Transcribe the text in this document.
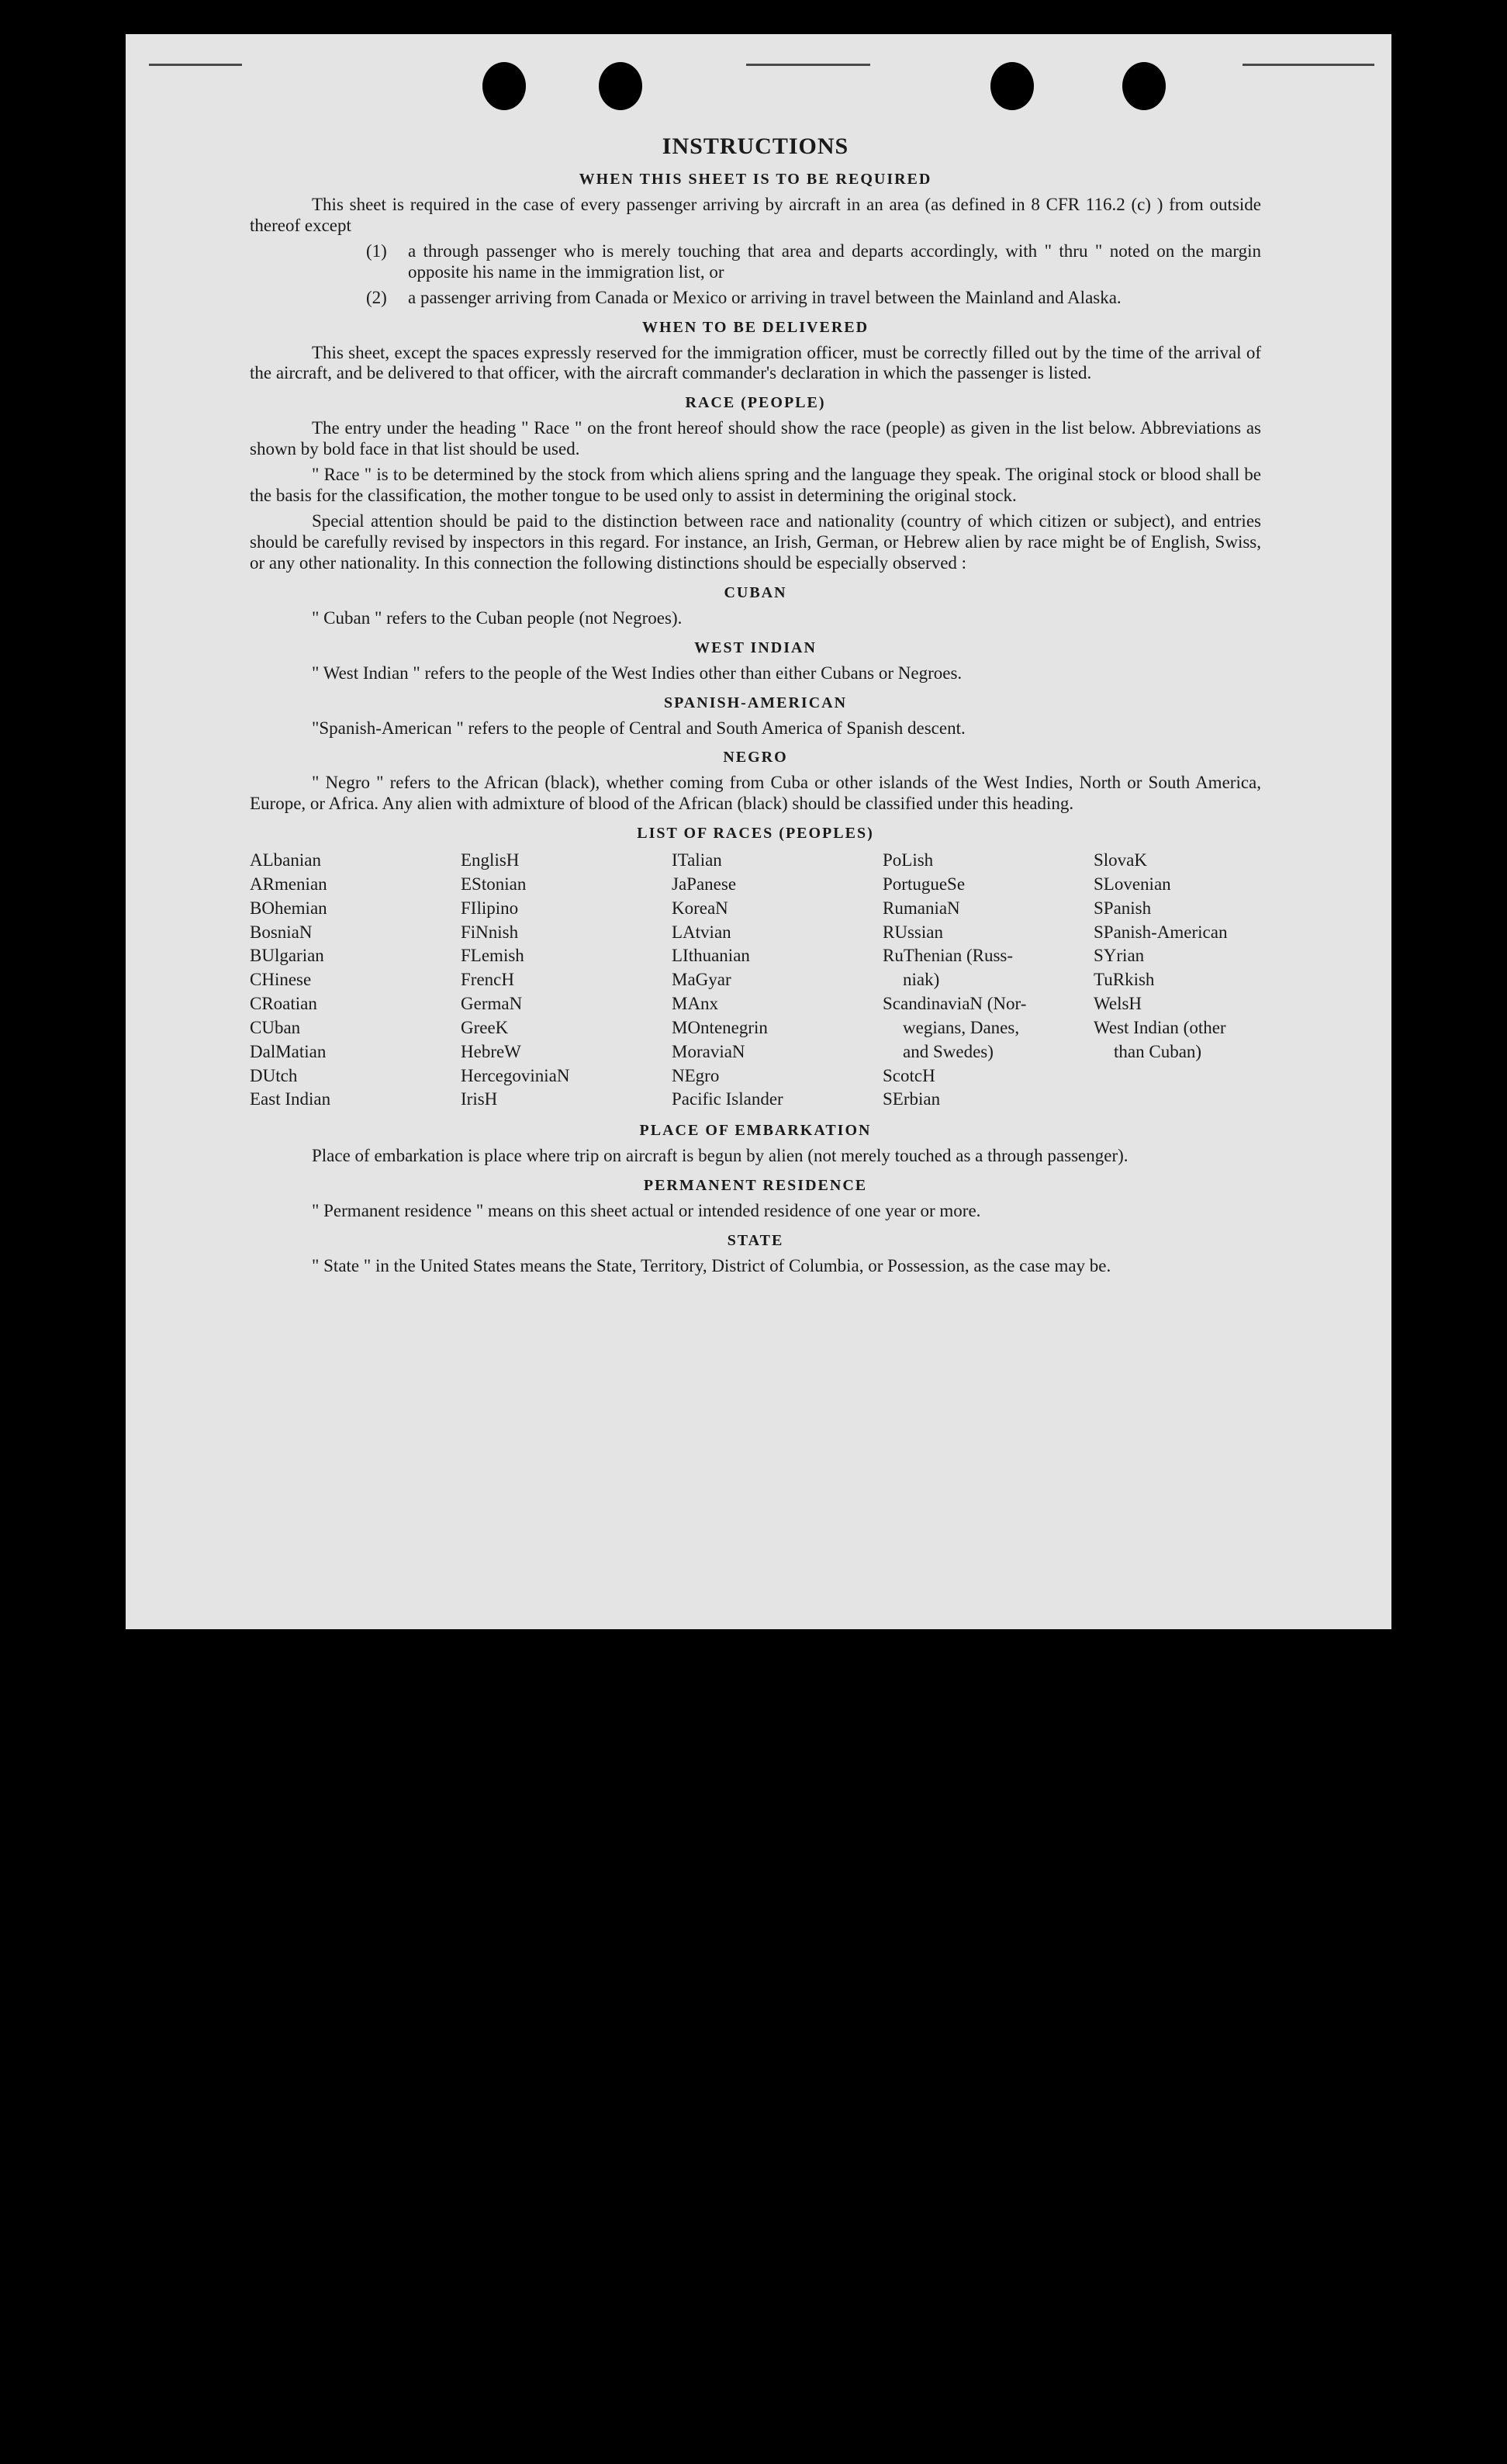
INSTRUCTIONS
WHEN THIS SHEET IS TO BE REQUIRED

This sheet is required in the case of every passenger arriving by aircraft in an area (as defined in 8 CFR 116.2 (c) ) from outside thereof except

(1)	a through passenger who is merely touching that area and departs accordingly, with " thru " noted on the margin opposite his name in the immigration list, or
(2)	a passenger arriving from Canada or Mexico or arriving in travel between the Mainland and Alaska.
WHEN TO BE DELIVERED

This sheet, except the spaces expressly reserved for the immigration officer, must be correctly filled out by the time of the arrival of the aircraft, and be delivered to that officer, with the aircraft commander's declaration in which the passenger is listed.

RACE (PEOPLE)

The entry under the heading " Race " on the front hereof should show the race (people) as given in the list below. Abbreviations as shown by bold face in that list should be used.

" Race " is to be determined by the stock from which aliens spring and the language they speak. The original stock or blood shall be the basis for the classification, the mother tongue to be used only to assist in determining the original stock.

Special attention should be paid to the distinction between race and nationality (country of which citizen or subject), and entries should be carefully revised by inspectors in this regard. For instance, an Irish, German, or Hebrew alien by race might be of English, Swiss, or any other nationality. In this connection the following distinctions should be especially observed :

CUBAN

" Cuban " refers to the Cuban people (not Negroes).

WEST INDIAN

" West Indian " refers to the people of the West Indies other than either Cubans or Negroes.

SPANISH-AMERICAN

"Spanish-American " refers to the people of Central and South America of Spanish descent.

NEGRO

" Negro " refers to the African (black), whether coming from Cuba or other islands of the West Indies, North or South America, Europe, or Africa. Any alien with admixture of blood of the African (black) should be classified under this heading.

LIST OF RACES (PEOPLES)
ALbanian
ARmenian
BOhemian
BosniaN
BUlgarian
CHinese
CRoatian
CUban
DalMatian
DUtch
East Indian
EnglisH
EStonian
FIlipino
FiNnish
FLemish
FrencH
GermaN
GreeK
HebreW
HercegoviniaN
IrisH
ITalian
JaPanese
KoreaN
LAtvian
LIthuanian
MaGyar
MAnx
MOntenegrin
MoraviaN
NEgro
Pacific Islander
PoLish
PortugueSe
RumaniaN
RUssian
RuThenian (Russ-
niak)
ScandinaviaN (Nor-
wegians, Danes,
and Swedes)
ScotcH
SErbian
SlovaK
SLovenian
SPanish
SPanish-American
SYrian
TuRkish
WelsH
West Indian (other
than Cuban)
PLACE OF EMBARKATION

Place of embarkation is place where trip on aircraft is begun by alien (not merely touched as a through passenger).

PERMANENT RESIDENCE

" Permanent residence " means on this sheet actual or intended residence of one year or more.

STATE

" State " in the United States means the State, Territory, District of Columbia, or Possession, as the case may be.
